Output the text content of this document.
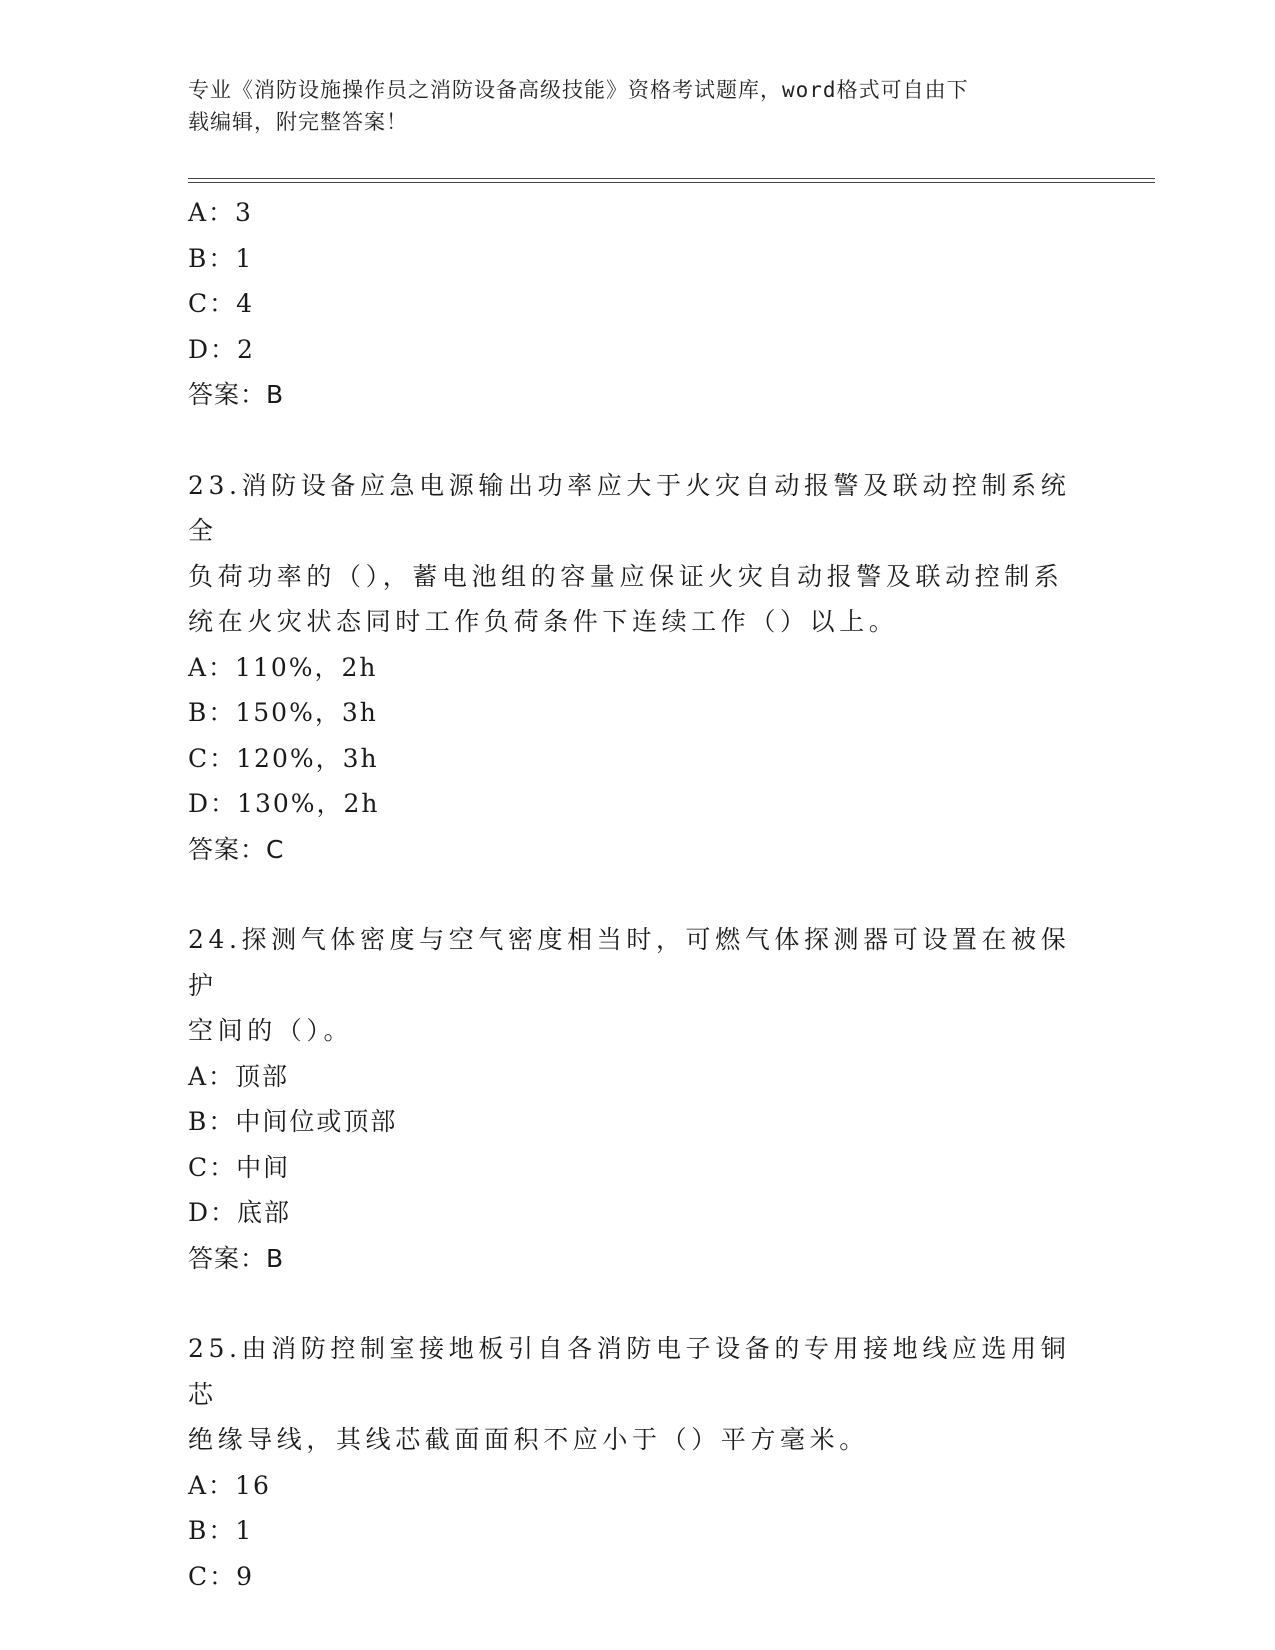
专业《消防设施操作员之消防设备高级技能》资格考试题库，word格式可自由下
载编辑，附完整答案！
A：3
B：1
C：4
D：2
答案：B
23.消防设备应急电源输出功率应大于火灾自动报警及联动控制系统全
负荷功率的（），蓄电池组的容量应保证火灾自动报警及联动控制系
统在火灾状态同时工作负荷条件下连续工作（）以上。
A：110%，2h
B：150%，3h
C：120%，3h
D：130%，2h
答案：C
24.探测气体密度与空气密度相当时，可燃气体探测器可设置在被保护
空间的（）。
A：顶部
B：中间位或顶部
C：中间
D：底部
答案：B
25.由消防控制室接地板引自各消防电子设备的专用接地线应选用铜芯
绝缘导线，其线芯截面面积不应小于（）平方毫米。
A：16
B：1
C：9
